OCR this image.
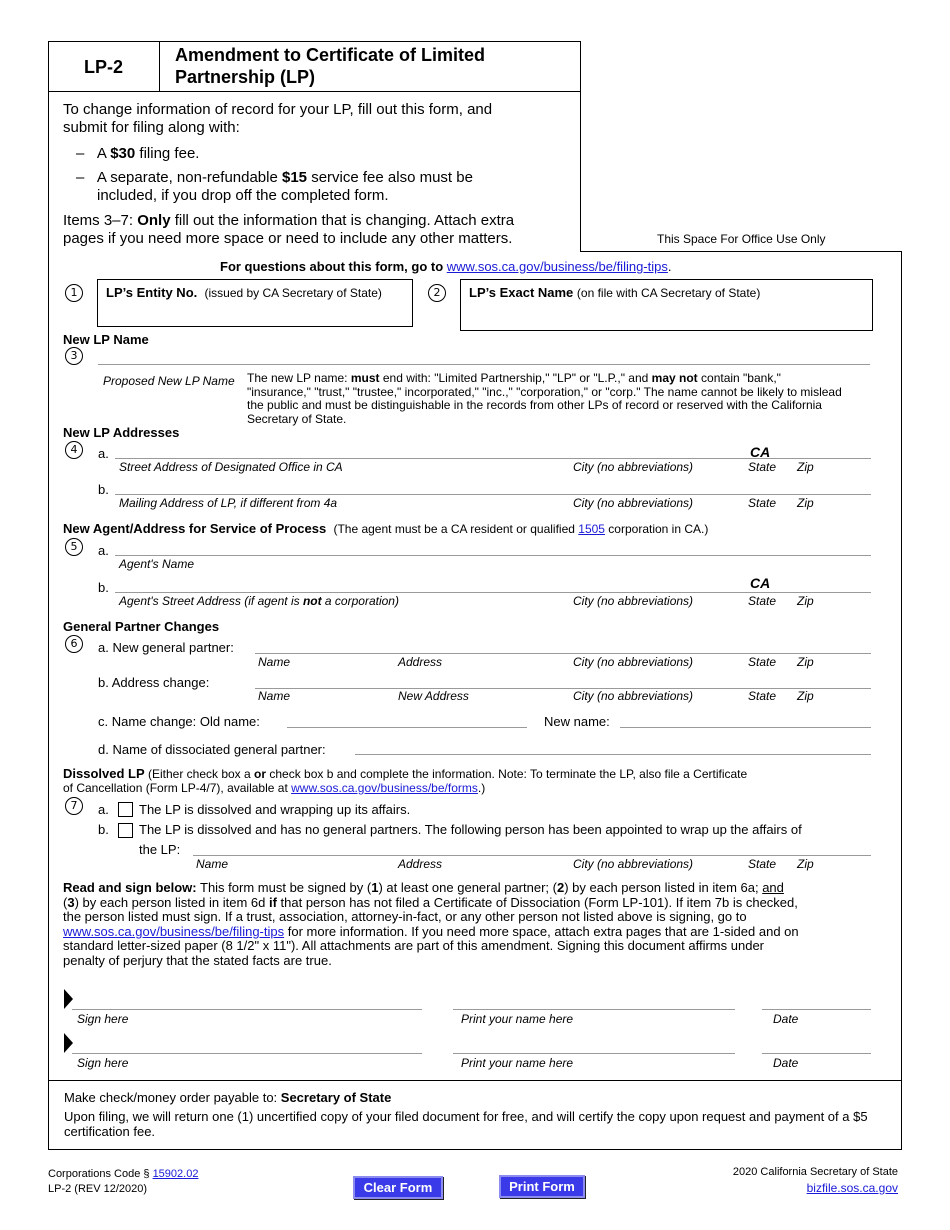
LP-2
Amendment to Certificate of Limited
Partnership (LP)
To change information of record for your LP, fill out this form, and
submit for filing along with:
–   A $30 filing fee.
–   A separate, non-refundable $15 service fee also must be
included, if you drop off the completed form.
Items 3–7: Only fill out the information that is changing. Attach extra
pages if you need more space or need to include any other matters.	This Space For Office Use Only
For questions about this form, go to www.sos.ca.gov/business/be/filing-tips.
1	LP’s Entity No. (issued by CA Secretary of State)	2	LP’s Exact Name (on file with CA Secretary of State)
New LP Name
3
Proposed New LP Name The new LP name: must end with: "Limited Partnership," "LP" or "L.P.," and may not contain "bank,"

"insurance," "trust," "trustee," incorporated," "inc.," "corporation," or "corp." The name cannot be likely to mislead

the public and must be distinguishable in the records from other LPs of record or reserved with the California

Secretary of State.

New LP Addresses
4	a.	CA
Street Address of Designated Office in CA	City (no abbreviations)	State Zip
b.
Mailing Address of LP, if different from 4a	City (no abbreviations)	State Zip
New Agent/Address for Service of Process (The agent must be a CA resident or qualified 1505 corporation in CA.)
5	a.
Agent's Name
b.	CA
Agent's Street Address (if agent is not a corporation)	City (no abbreviations)	State Zip
General Partner Changes
6	a. New general partner:
Name	Address	City (no abbreviations)	State Zip
b. Address change:
Name	New Address	City (no abbreviations)	State Zip
c. Name change: Old name:	New name:
d. Name of dissociated general partner:

Dissolved LP (Either check box a or check box b and complete the information. Note: To terminate the LP, also file a Certificate

of Cancellation (Form LP-4/7), available at www.sos.ca.gov/business/be/forms.)

7	a. The LP is dissolved and wrapping up its affairs.
b. The LP is dissolved and has no general partners. The following person has been appointed to wrap up the affairs of
the LP:
Name	Address	City (no abbreviations)	State Zip

Read and sign below: This form must be signed by (1) at least one general partner; (2) by each person listed in item 6a; and

(3) by each person listed in item 6d if that person has not filed a Certificate of Dissociation (Form LP-101). If item 7b is checked,

the person listed must sign. If a trust, association, attorney-in-fact, or any other person not listed above is signing, go to

www.sos.ca.gov/business/be/filing-tips for more information. If you need more space, attach extra pages that are 1-sided and on

standard letter-sized paper (8 1/2" x 11"). All attachments are part of this amendment. Signing this document affirms under

penalty of perjury that the stated facts are true.

Sign here	Print your name here	Date
Sign here	Print your name here	Date
Make check/money order payable to: Secretary of State
Upon filing, we will return one (1) uncertified copy of your filed document for free, and will certify the copy upon request and payment of a $5
certification fee.
Corporations Code § 15902.02
LP-2 (REV 12/2020)	Clear Form	Print Form
2020 California Secretary of State
bizfile.sos.ca.gov
